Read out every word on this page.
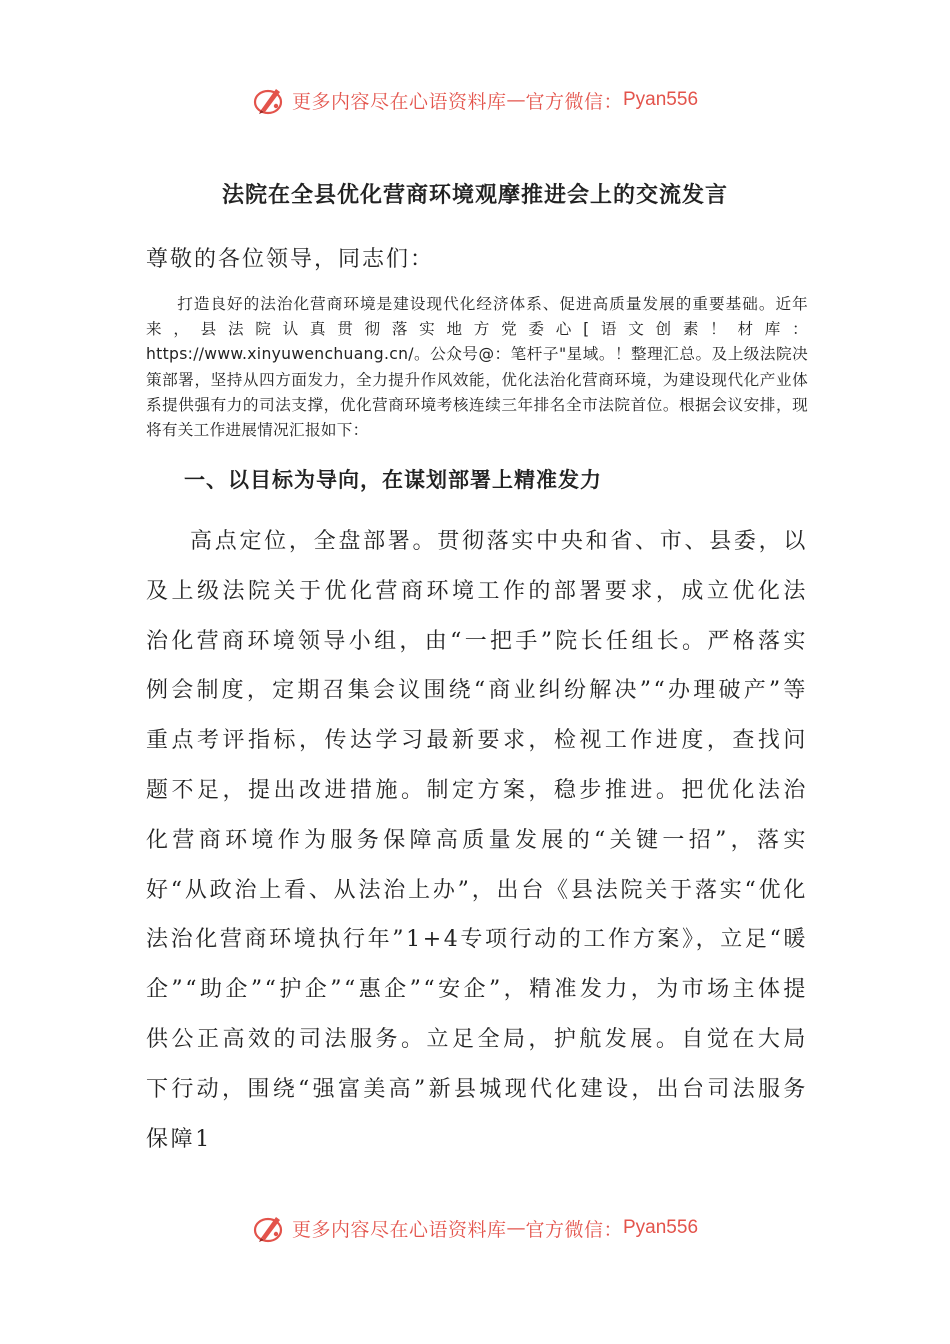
更多内容尽在心语资料库 — 官方微信： Pyan556
法院在全县优化营商环境观摩推进会上的交流发言
尊敬的各位领导，同志们：
打造良好的法治化营商环境是建设现代化经济体系、促进高质量发展的重要基础。近年来，县法院认真贯彻落实地方党委心[语文创素！材库：https://www.xinyuwenchuang.cn/。公众号@：笔杆子"星域。！整理汇总。及上级法院决策部署，坚持从四方面发力，全力提升作风效能，优化法治化营商环境，为建设现代化产业体系提供强有力的司法支撑，优化营商环境考核连续三年排名全市法院首位。根据会议安排，现将有关工作进展情况汇报如下：
一、以目标为导向，在谋划部署上精准发力
高点定位，全盘部署。贯彻落实中央和省、市、县委，以及上级法院关于优化营商环境工作的部署要求，成立优化法治化营商环境领导小组，由“一把手”院长任组长。严格落实例会制度，定期召集会议围绕“商业纠纷解决”“办理破产”等重点考评指标，传达学习最新要求，检视工作进度，查找问题不足，提出改进措施。制定方案，稳步推进。把优化法治化营商环境作为服务保障高质量发展的“关键一招”，落实好“从政治上看、从法治上办”，出台《县法院关于落实“优化法治化营商环境执行年”1+4专项行动的工作方案》，立足“暖企”“助企”“护企”“惠企”“安企”，精准发力，为市场主体提供公正高效的司法服务。立足全局，护航发展。自觉在大局下行动，围绕“强富美高”新县城现代化建设，出台司法服务保障1
更多内容尽在心语资料库 — 官方微信： Pyan556
